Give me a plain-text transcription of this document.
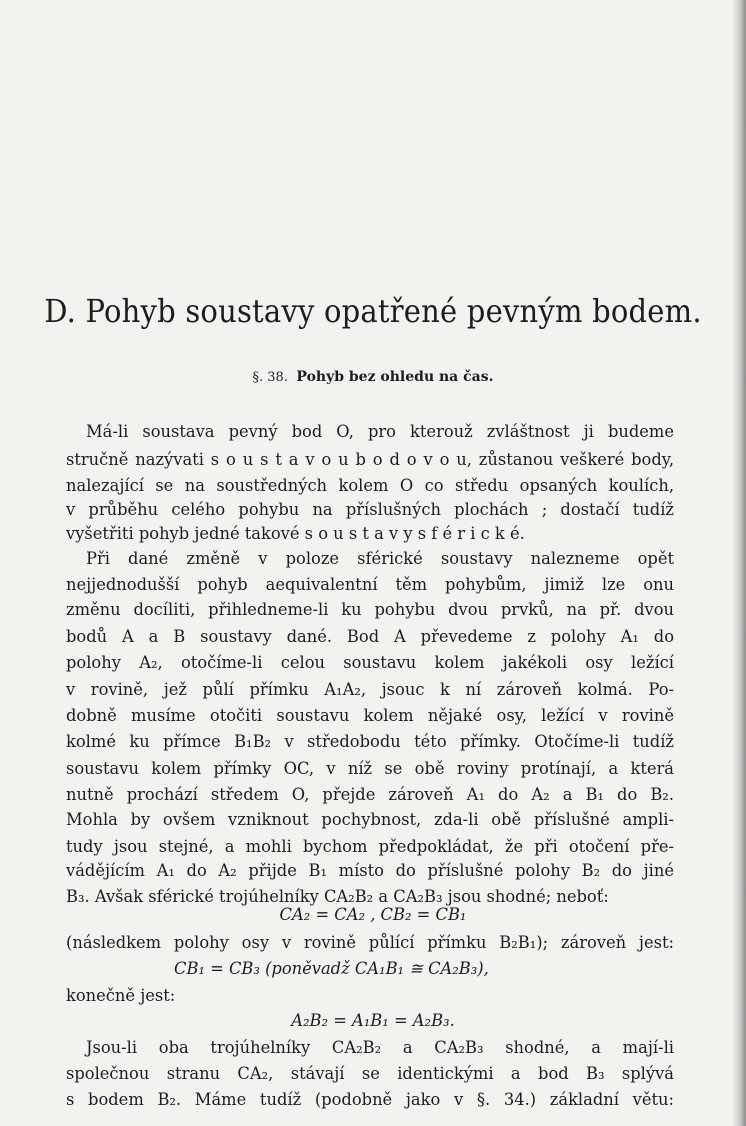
D. Pohyb soustavy opatřené pevným bodem.
§. 38. Pohyb bez ohledu na čas.
Má-li soustava pevný bod O, pro kterouž zvláštnost ji budeme
stručně nazývati s o u s t a v o u b o d o v o u, zůstanou veškeré body,
nalezající se na soustředných kolem O co středu opsaných koulích,
v průběhu celého pohybu na příslušných plochách ; dostačí tudíž
vyšetřiti pohyb jedné takové s o u s t a v y s f é r i c k é.
Při dané změně v poloze sférické soustavy nalezneme opět
nejjednodušší pohyb aequivalentní těm pohybům, jimiž lze onu
změnu docíliti, přihledneme-li ku pohybu dvou prvků, na př. dvou
bodů A a B soustavy dané. Bod A převedeme z polohy A₁ do
polohy A₂, otočíme-li celou soustavu kolem jakékoli osy ležící
v rovině, jež půlí přímku A₁A₂, jsouc k ní zároveň kolmá. Po-
dobně musíme otočiti soustavu kolem nějaké osy, ležící v rovině
kolmé ku přímce B₁B₂ v středobodu této přímky. Otočíme-li tudíž
soustavu kolem přímky OC, v níž se obě roviny protínají, a která
nutně prochází středem O, přejde zároveň A₁ do A₂ a B₁ do B₂.
Mohla by ovšem vzniknout pochybnost, zda-li obě příslušné ampli-
tudy jsou stejné, a mohli bychom předpokládat, že při otočení pře-
vádějícím A₁ do A₂ přijde B₁ místo do příslušné polohy B₂ do jiné
B₃. Avšak sférické trojúhelníky CA₂B₂ a CA₂B₃ jsou shodné; neboť:
(následkem polohy osy v rovině půlící přímku B₂B₁); zároveň jest:
konečně jest:
Jsou-li oba trojúhelníky CA₂B₂ a CA₂B₃ shodné, a mají-li
společnou stranu CA₂, stávají se identickými a bod B₃ splývá
s bodem B₂. Máme tudíž (podobně jako v §. 34.) základní větu:
CA₂ = CA₂ , CB₂ = CB₁
CB₁ = CB₃ (poněvadž CA₁B₁ ≅ CA₂B₃),
A₂B₂ = A₁B₁ = A₂B₃.
